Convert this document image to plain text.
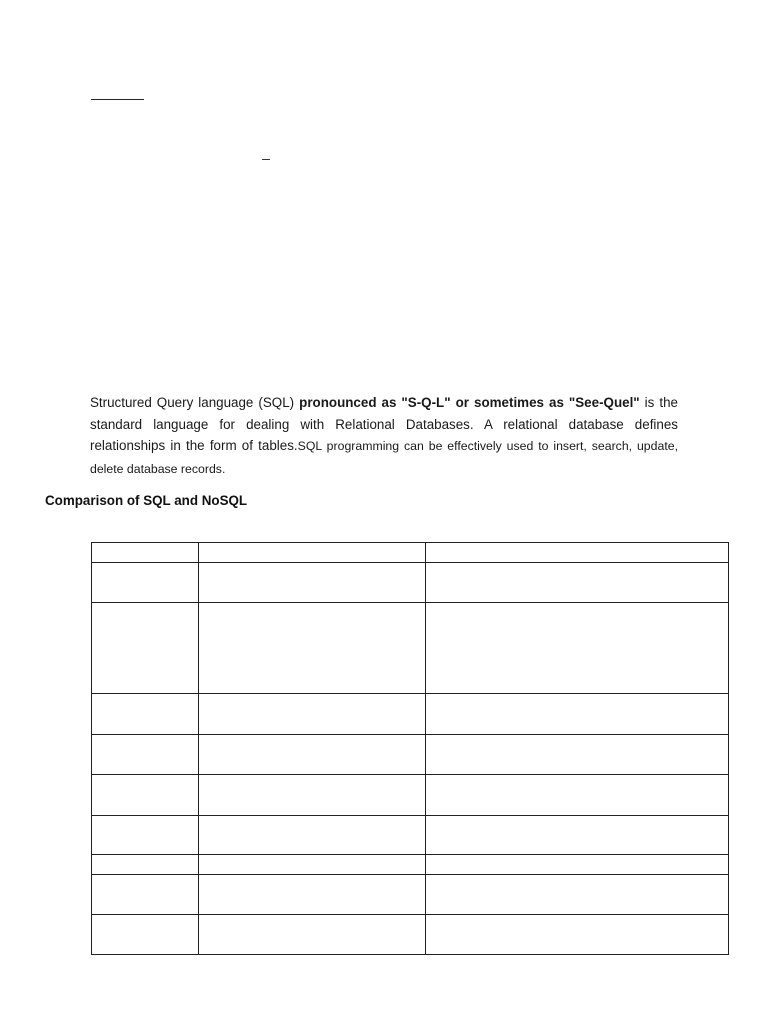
Structured Query language (SQL) pronounced as "S-Q-L" or sometimes as "See-Quel" is the standard language for dealing with Relational Databases. A relational database defines relationships in the form of tables.SQL programming can be effectively used to insert, search, update, delete database records.

Comparison of SQL and NoSQL
